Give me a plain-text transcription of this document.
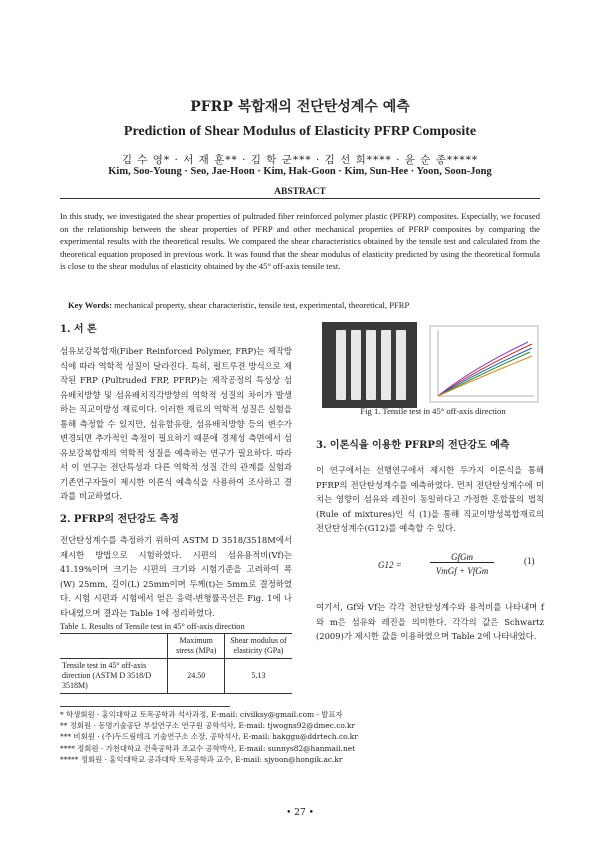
PFRP 복합재의 전단탄성계수 예측
Prediction of Shear Modulus of Elasticity PFRP Composite
김 수 영* · 서 재 훈** · 김 학 군*** · 김 선 희**** · 윤 순 종*****
Kim, Soo-Young · Seo, Jae-Hoon · Kim, Hak-Goon · Kim, Sun-Hee · Yoon, Soon-Jong
ABSTRACT
In this study, we investigated the shear properties of pultruded fiber reinforced polymer plastic (PFRP) composites. Especially, we focused on the relationship between the shear properties of PFRP and other mechanical properties of PFRP composites by comparing the experimental results with the theoretical results. We compared the shear characteristics obtained by the tensile test and calculated from the theoretical equation proposed in previous work. It was found that the shear modulus of elasticity predicted by using the theoretical formula is close to the shear modulus of elasticity obtained by the 45° off-axis tensile test.
Key Words: mechanical property, shear characteristic, tensile test, experimental, theoretical, PFRP
1. 서 론
섬유보강복합재(Fiber Reinforced Polymer, FRP)는 제작방식에 따라 역학적 성질이 달라진다. 특히, 펄트루젼 방식으로 제작된 FRP (Pultruded FRP, PFRP)는 제작공정의 특성상 섬유배치방향 및 섬유배치직각방향의 역학적 성질의 차이가 발생하는 직교이방성 재료이다. 이러한 재료의 역학적 성질은 실험을 통해 측정할 수 있지만, 섬유함유량, 섬유배치방향 등의 변수가 변경되면 추가적인 측정이 필요하기 때문에 경제성 측면에서 섬유보강복합재의 역학적 성질을 예측하는 연구가 필요하다. 따라서 이 연구는 전단특성과 다른 역학적 성질 간의 관계를 실험과 기존연구자들이 제시한 이론식 예측식을 사용하여 조사하고 결과를 비교하였다.
2. PFRP의 전단강도 측정
전단탄성계수를 측정하기 위하여 ASTM D 3518/3518M에서 제시한 방법으로 시험하였다. 시편의 섬유용적비(Vf)는 41.19%이며 크기는 시편의 크기와 시험기준을 고려하여 폭(W) 25mm, 길이(L) 25mm이며 두께(t)는 5mm로 결정하였다. 시험 시편과 시험에서 얻은 응력-변형률곡선은 Fig. 1에 나타내었으며 결과는 Table 1에 정리하였다.
Table 1. Results of Tensile test in 45° off-axis direction
	Maximum stress (MPa)	Shear modulus of elasticity (GPa)
Tensile test in 45° off-axis direction (ASTM D 3518/D 3518M)	24.50	5.13
Fig 1. Tensile test in 45° off-axis direction
3. 이론식을 이용한 PFRP의 전단강도 예측
이 연구에서는 선행연구에서 제시한 두가지 이론식을 통해 PFRP의 전단탄성계수를 예측하였다. 먼저 전단탄성계수에 미치는 영향이 섬유와 레진이 동일하다고 가정한 혼합물의 법칙(Rule of mixtures)인 식 (1)을 통해 직교이방성복합재료의 전단탄성계수(G12)를 예측할 수 있다.
G12 =
GfGm
VmGf + VfGm
(1)
여기서, Gf와 Vf는 각각 전단탄성계수와 용적비를 나타내며 f와 m은 섬유와 레진을 의미한다. 각각의 값은 Schwartz (2009)가 제시한 값을 이용하였으며 Table 2에 나타내었다.
* 학생회원 · 홍익대학교 토목공학과 석사과정, E-mail: civilksy@gmail.com - 발표자
** 정회원 · 동명기술공단 부설연구소 연구원 공학석사, E-mail: tjwogns92@dmec.co.kr
*** 비회원 · (주)두드림테크 기술연구소 소장, 공학석사, E-mail: hakggu@ddrtech.co.kr
**** 정회원 · 가천대학교 건축공학과 조교수 공학박사, E-mail: sunnys82@hanmail.net
***** 정회원 · 홍익대학교 공과대학 토목공학과 교수, E-mail: sjyoon@hongik.ac.kr
• 27 •
